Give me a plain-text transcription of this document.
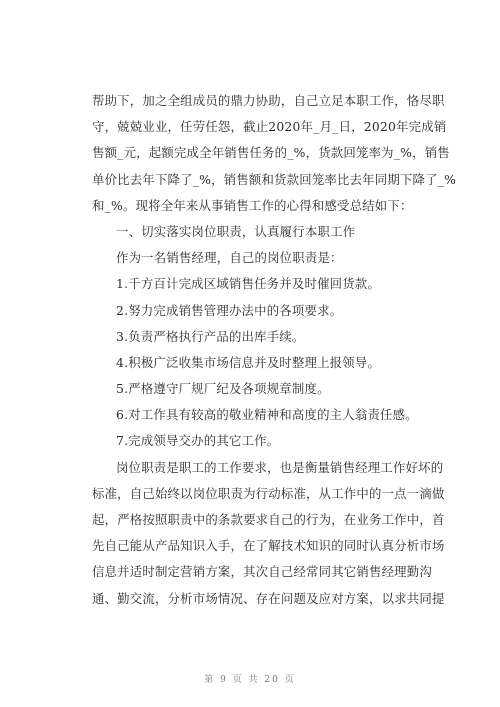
帮助下，加之全组成员的鼎力协助，自己立足本职工作，恪尽职
守，兢兢业业，任劳任怨，截止2020年_月_日，2020年完成销
售额_元，起额完成全年销售任务的_%，货款回笼率为_%，销售
单价比去年下降了_%，销售额和货款回笼率比去年同期下降了_%
和_%。现将全年来从事销售工作的心得和感受总结如下：
一、切实落实岗位职责，认真履行本职工作
作为一名销售经理，自己的岗位职责是：
1.千方百计完成区域销售任务并及时催回货款。
2.努力完成销售管理办法中的各项要求。
3.负责严格执行产品的出库手续。
4.积极广泛收集市场信息并及时整理上报领导。
5.严格遵守厂规厂纪及各项规章制度。
6.对工作具有较高的敬业精神和高度的主人翁责任感。
7.完成领导交办的其它工作。
岗位职责是职工的工作要求，也是衡量销售经理工作好坏的
标准，自己始终以岗位职责为行动标准，从工作中的一点一滴做
起，严格按照职责中的条款要求自己的行为，在业务工作中，首
先自己能从产品知识入手，在了解技术知识的同时认真分析市场
信息并适时制定营销方案，其次自己经常同其它销售经理勤沟
通、勤交流，分析市场情况、存在问题及应对方案，以求共同提
第 9 页 共 20 页
